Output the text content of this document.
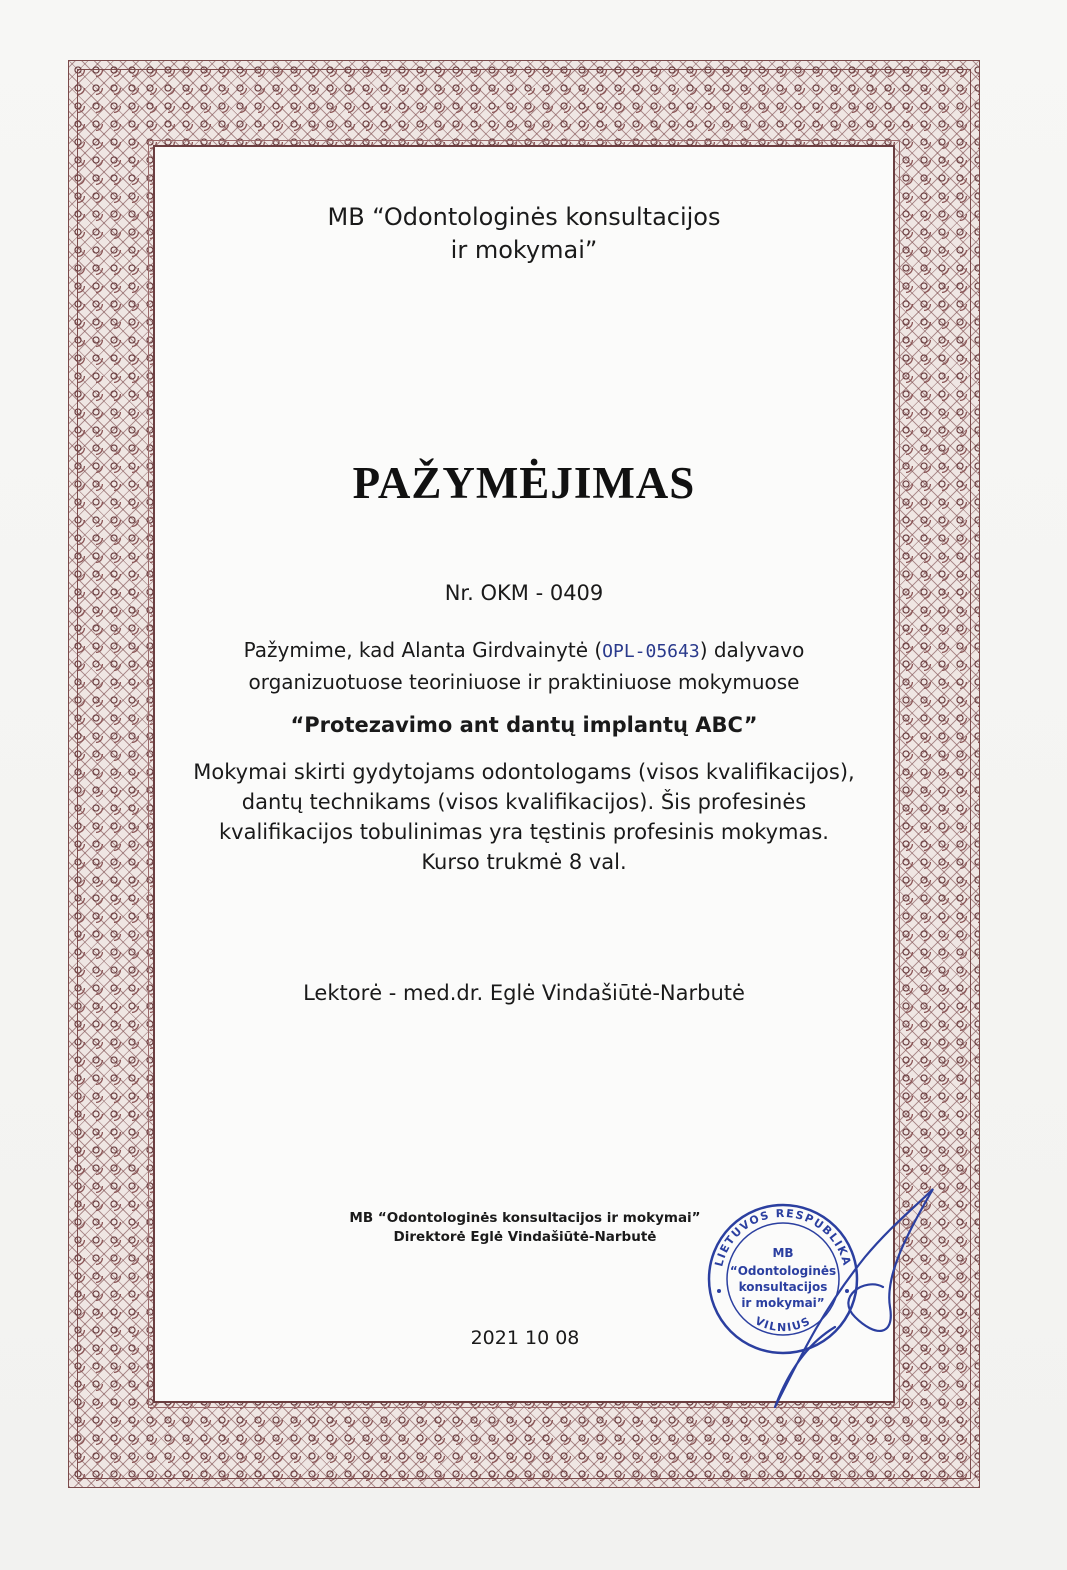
MB “Odontologinės konsultacijos
ir mokymai”
PAŽYMĖJIMAS
Nr. OKM - 0409
Pažymime, kad Alanta Girdvainytė (OPL-05643) dalyvavo
organizuotuose teoriniuose ir praktiniuose mokymuose
“Protezavimo ant dantų implantų ABC”
Mokymai skirti gydytojams odontologams (visos kvalifikacijos),
dantų technikams (visos kvalifikacijos). Šis profesinės
kvalifikacijos tobulinimas yra tęstinis profesinis mokymas.
Kurso trukmė 8 val.
Lektorė - med.dr. Eglė Vindašiūtė-Narbutė
MB “Odontologinės konsultacijos ir mokymai”
Direktorė Eglė Vindašiūtė-Narbutė
2021 10 08
LIETUVOS RESPUBLIKA
VILNIUS
MB
“Odontologinės
konsultacijos
ir mokymai”
